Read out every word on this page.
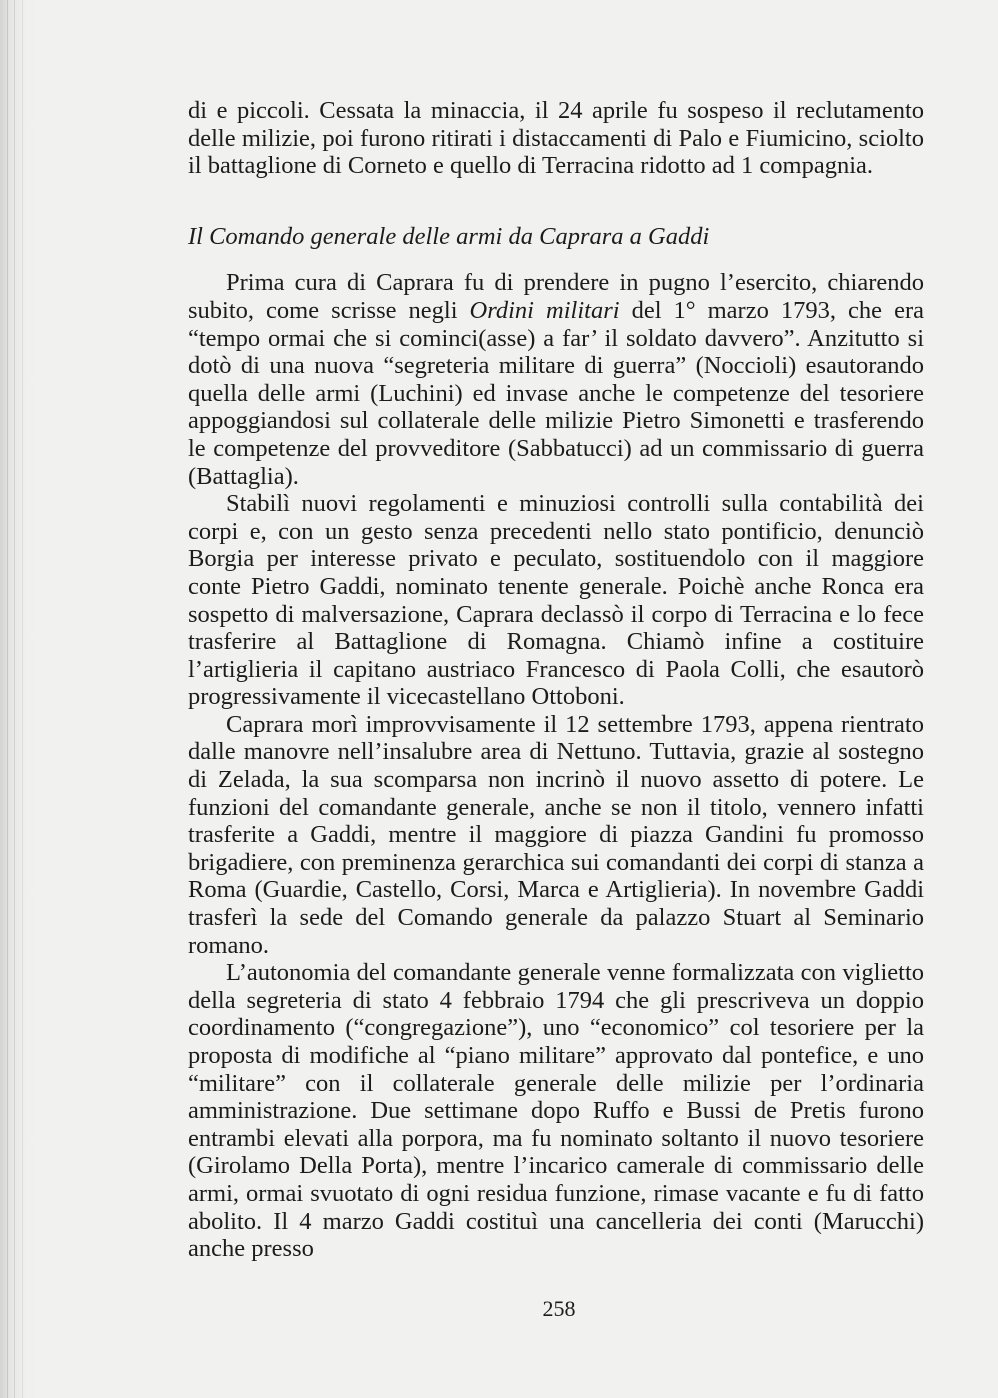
di e piccoli. Cessata la minaccia, il 24 aprile fu sospeso il reclutamento delle milizie, poi furono ritirati i distaccamenti di Palo e Fiumicino, sciolto il battaglione di Corneto e quello di Terracina ridotto ad 1 compagnia.

Il Comando generale delle armi da Caprara a Gaddi

Prima cura di Caprara fu di prendere in pugno l’esercito, chiarendo subito, come scrisse negli Ordini militari del 1° marzo 1793, che era “tempo ormai che si cominci(asse) a far’ il soldato davvero”. Anzitutto si dotò di una nuova “segreteria militare di guerra” (Noccioli) esautorando quella delle armi (Luchini) ed invase anche le competenze del tesoriere appoggiandosi sul collaterale delle milizie Pietro Simonetti e trasferendo le competenze del provveditore (Sabbatucci) ad un commissario di guerra (Battaglia).

Stabilì nuovi regolamenti e minuziosi controlli sulla contabilità dei corpi e, con un gesto senza precedenti nello stato pontificio, denunciò Borgia per interesse privato e peculato, sostituendolo con il maggiore conte Pietro Gaddi, nominato tenente generale. Poichè anche Ronca era sospetto di malversazione, Caprara declassò il corpo di Terracina e lo fece trasferire al Battaglione di Romagna. Chiamò infine a costituire l’artiglieria il capitano austriaco Francesco di Paola Colli, che esautorò progressivamente il vicecastellano Ottoboni.

Caprara morì improvvisamente il 12 settembre 1793, appena rientrato dalle manovre nell’insalubre area di Nettuno. Tuttavia, grazie al sostegno di Zelada, la sua scomparsa non incrinò il nuovo assetto di potere. Le funzioni del comandante generale, anche se non il titolo, vennero infatti trasferite a Gaddi, mentre il maggiore di piazza Gandini fu promosso brigadiere, con preminenza gerarchica sui comandanti dei corpi di stanza a Roma (Guardie, Castello, Corsi, Marca e Artiglieria). In novembre Gaddi trasferì la sede del Comando generale da palazzo Stuart al Seminario romano.

L’autonomia del comandante generale venne formalizzata con viglietto della segreteria di stato 4 febbraio 1794 che gli prescriveva un doppio coordinamento (“congregazione”), uno “economico” col tesoriere per la proposta di modifiche al “piano militare” approvato dal pontefice, e uno “militare” con il collaterale generale delle milizie per l’ordinaria amministrazione. Due settimane dopo Ruffo e Bussi de Pretis furono entrambi elevati alla porpora, ma fu nominato soltanto il nuovo tesoriere (Girolamo Della Porta), mentre l’incarico camerale di commissario delle armi, ormai svuotato di ogni residua funzione, rimase vacante e fu di fatto abolito. Il 4 marzo Gaddi costituì una cancelleria dei conti (Marucchi) anche presso

258
